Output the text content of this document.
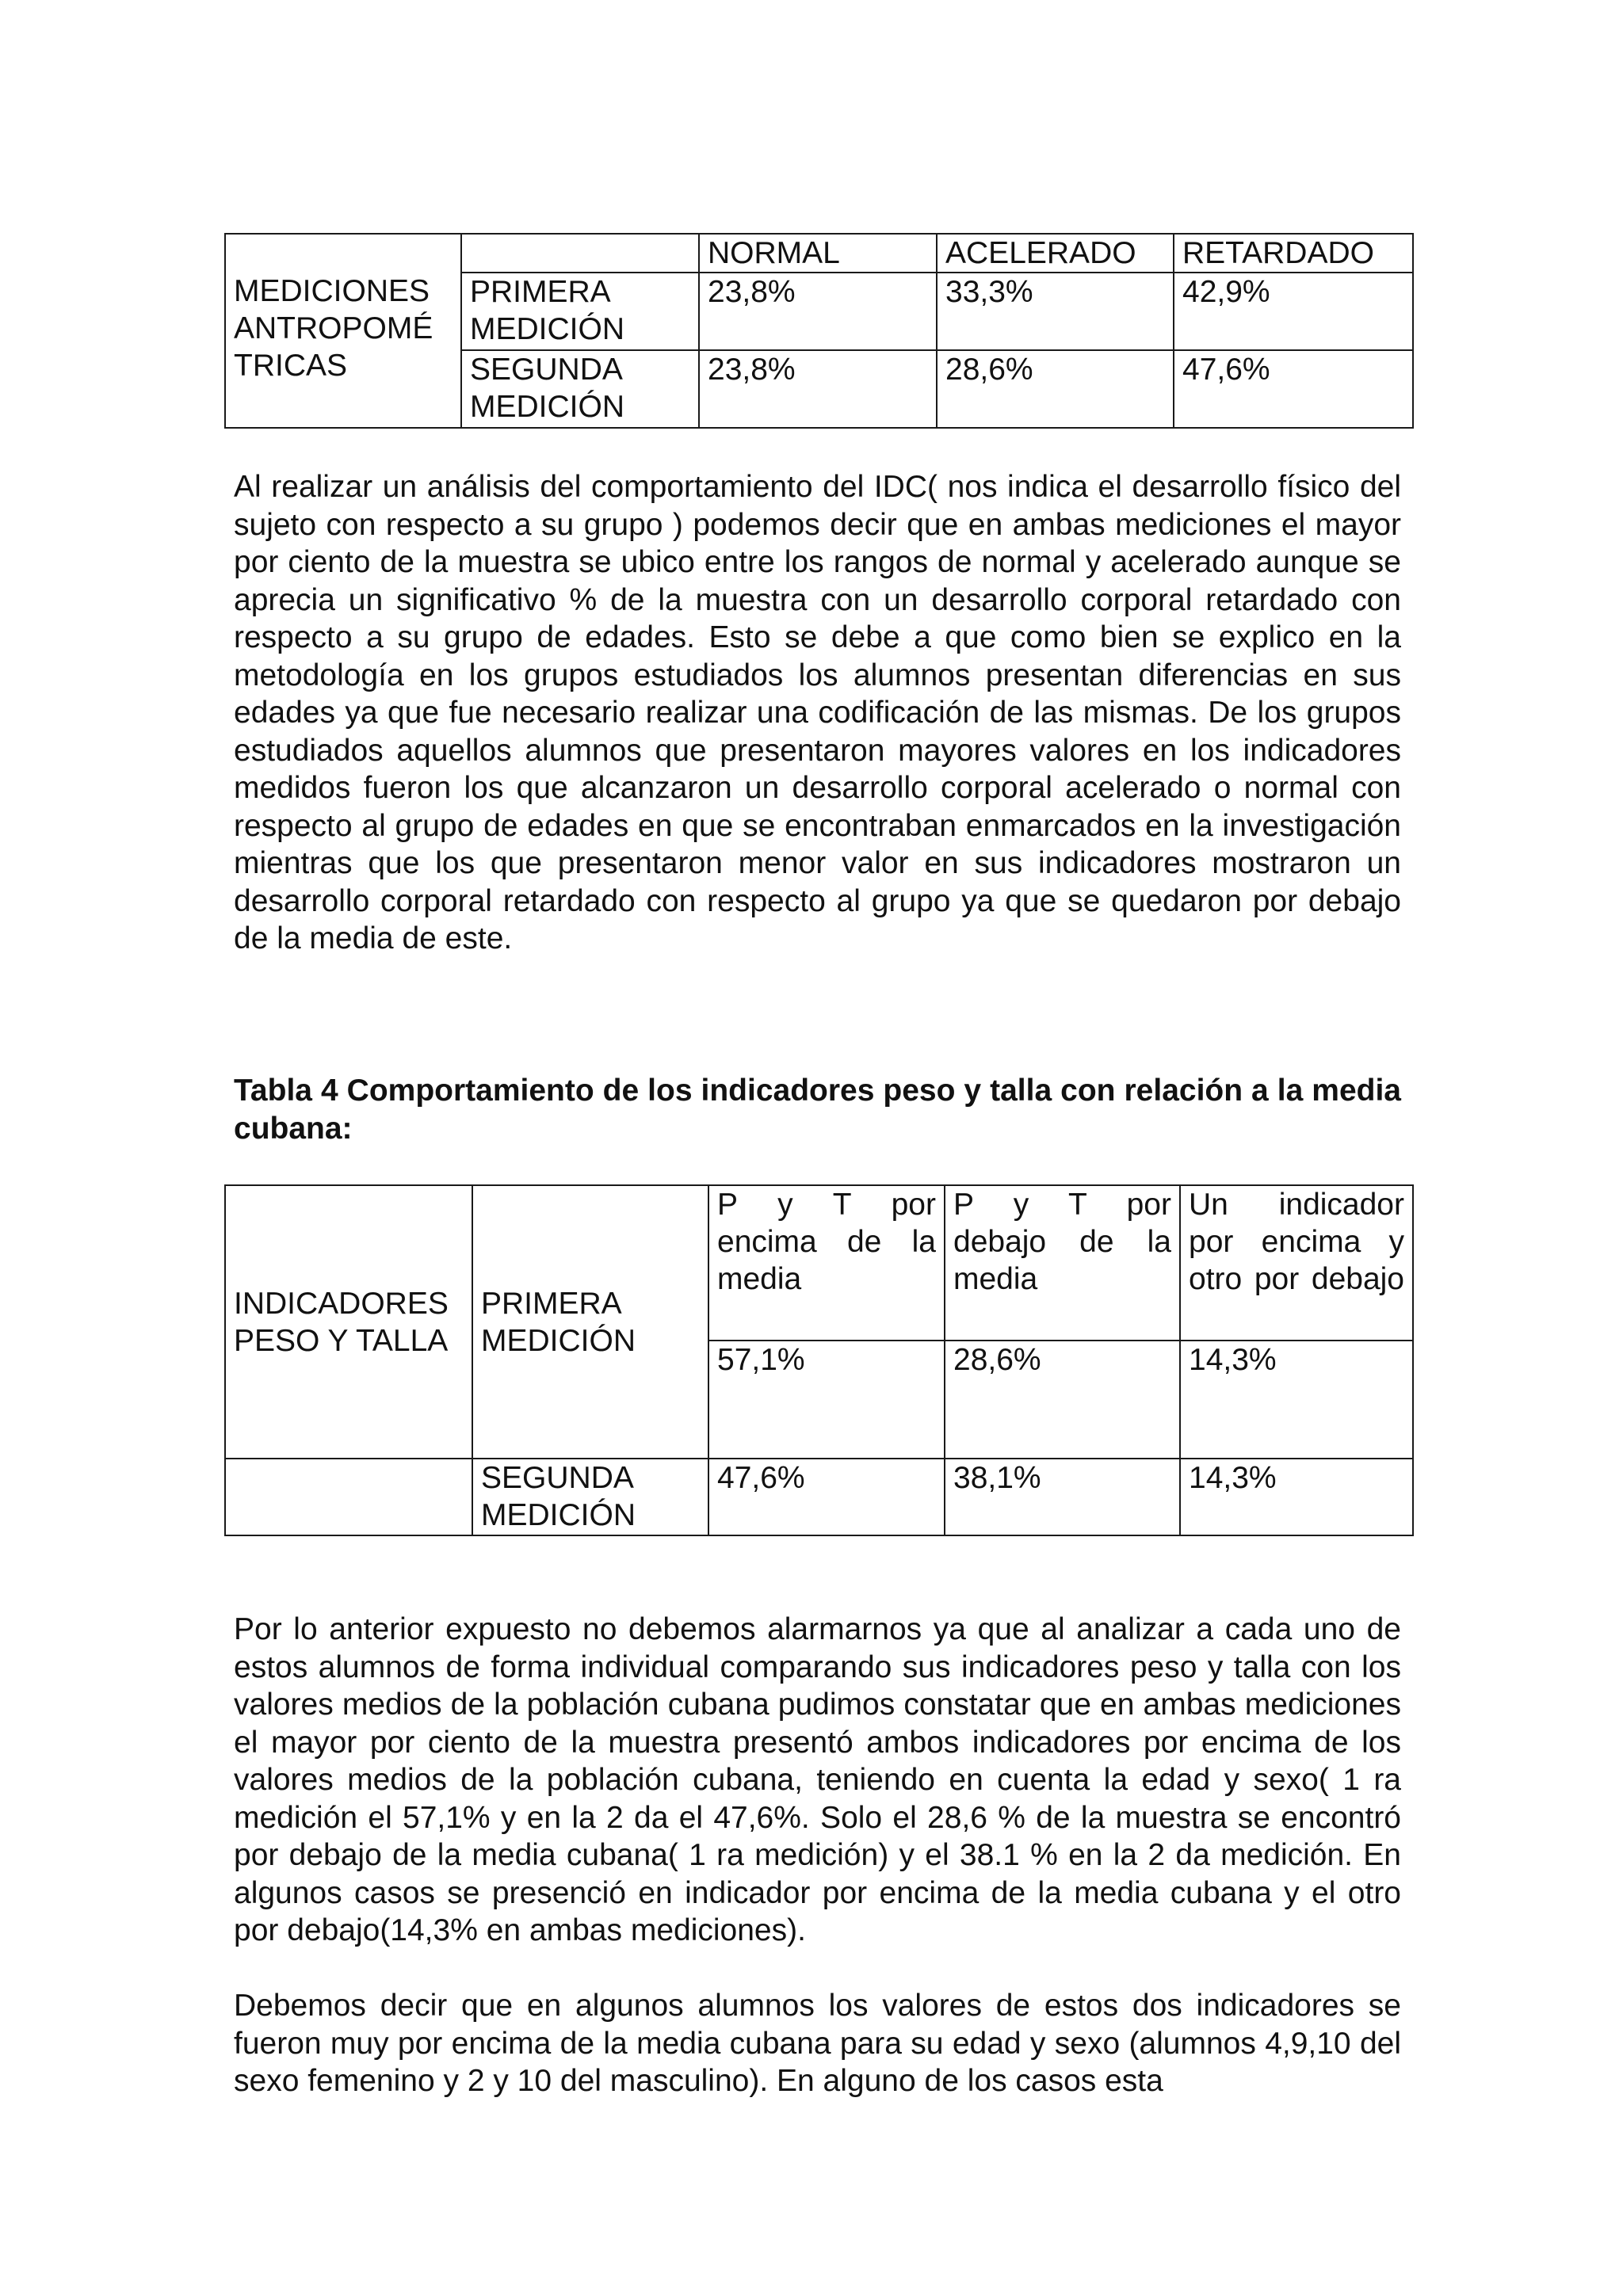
		NORMAL	ACELERADO	RETARDADO
MEDICIONES ANTROPOMÉ TRICAS	PRIMERA MEDICIÓN	23,8%	33,3%	42,9%
	SEGUNDA MEDICIÓN	23,8%	28,6%	47,6%

Al realizar un análisis del comportamiento del IDC( nos indica el desarrollo físico del sujeto con respecto a su grupo ) podemos decir que en ambas mediciones el mayor por ciento de la muestra se ubico entre los rangos de normal y acelerado aunque se aprecia un significativo % de la muestra con un desarrollo corporal retardado con respecto a su grupo de edades. Esto se debe a que como bien se explico en la metodología en los grupos estudiados los alumnos presentan diferencias en sus edades ya que fue necesario realizar una codificación de las mismas. De los grupos estudiados aquellos alumnos que presentaron mayores valores en los indicadores medidos fueron los que alcanzaron un desarrollo corporal acelerado o normal con respecto al grupo de edades en que se encontraban enmarcados en la investigación mientras que los que presentaron menor valor en sus indicadores mostraron un desarrollo corporal retardado con respecto al grupo ya que se quedaron por debajo de la media de este.

Tabla 4 Comportamiento de los indicadores peso y talla con relación a la media cubana:

INDICADORES PESO Y TALLA	PRIMERA MEDICIÓN	P y T por encima de la media	P y T por debajo de la media	Un indicador por encima y otro por debajo
		57,1%	28,6%	14,3%
	SEGUNDA MEDICIÓN	47,6%	38,1%	14,3%

Por lo anterior expuesto no debemos alarmarnos ya que al analizar a cada uno de estos alumnos de forma individual comparando sus indicadores peso y talla con los valores medios de la población cubana pudimos constatar que en ambas mediciones el mayor por ciento de la muestra presentó ambos indicadores por encima de los valores medios de la población cubana, teniendo en cuenta la edad y sexo( 1 ra medición el 57,1% y en la 2 da el 47,6%. Solo el 28,6 % de la muestra se encontró por debajo de la media cubana( 1 ra medición) y el 38.1 % en la 2 da medición. En algunos casos se presenció en indicador por encima de la media cubana y el otro por debajo(14,3% en ambas mediciones).

Debemos decir que en algunos alumnos los valores de estos dos indicadores se fueron muy por encima de la media cubana para su edad y sexo (alumnos 4,9,10 del sexo femenino y 2 y 10 del masculino). En alguno de los casos esta
